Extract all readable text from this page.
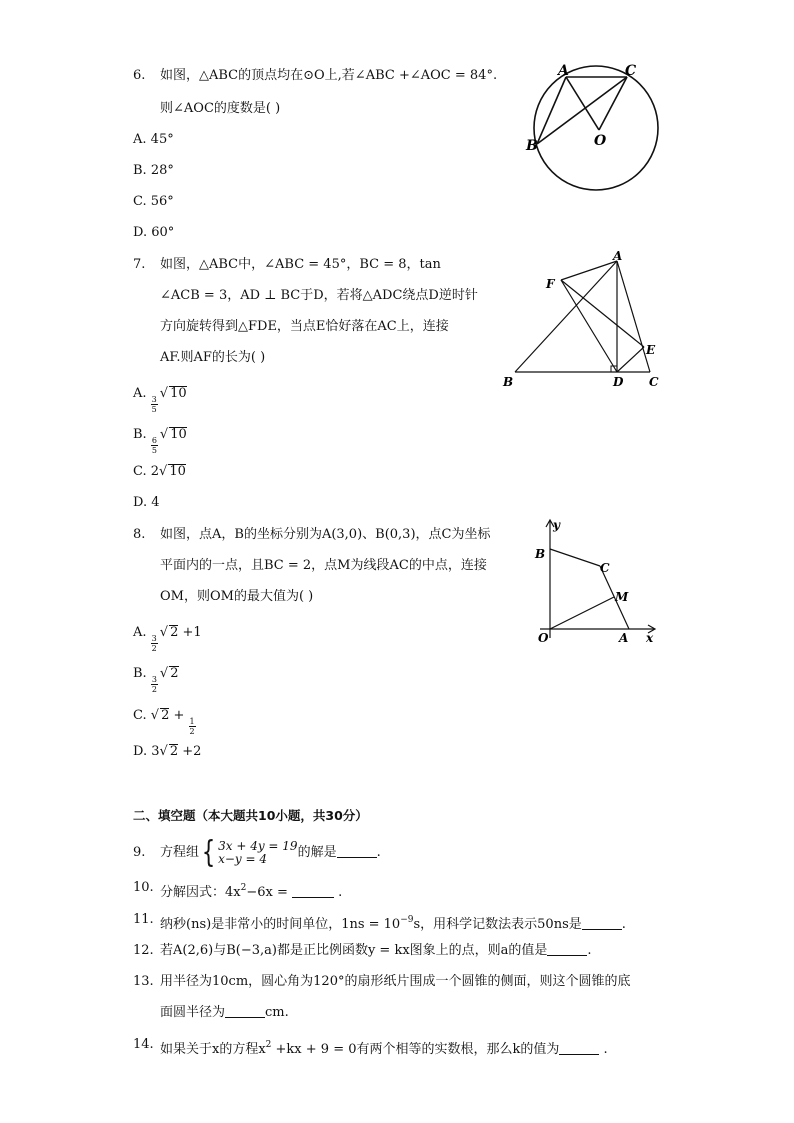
6. 如图，△ABC的顶点均在⊙O上,若∠ABC +∠AOC = 84°.
则∠AOC的度数是( )
A. 45°
B. 28°
C. 56°
D. 60°
A	C
B	O
7. 如图，△ABC中，∠ABC = 45°，BC = 8，tan
∠ACB = 3，AD ⊥ BC于D，若将△ADC绕点D逆时针
方向旋转得到△FDE，当点E恰好落在AC上，连接
AF.则AF的长为( )
A.
$\frac{3}{5}$
√ 10
B.
$\frac{6}{5}$
√ 10
C. 2√ 10
D. 4
A
F
E
B	D C
8. 如图，点A，B的坐标分别为A(3,0)、B(0,3)，点C为坐标
平面内的一点，且BC = 2，点M为线段AC的中点，连接
OM，则OM的最大值为( )
A.
$\frac{3}{2}$
√ 2 +1
B.
$\frac{3}{2}$
√ 2
C. √ 2 +
$\frac{1}{2}$
D. 3√ 2 +2
y
x
B
C
M
O	A
二、填空题（本大题共10小题，共30分）
9. 方程组 { 3x + 4y = 19
x−y = 4	的解是	.
10. 分解因式：$4x^2-6x$ =	.
11. 纳秒(ns)是非常小的时间单位，$1ns = 10^{-9}s$，用科学记数法表示50ns是	.
12. 若A(2,6)与B(−3,a)都是正比例函数y = kx图象上的点，则a的值是	.
13. 用半径为10cm，圆心角为120°的扇形纸片围成一个圆锥的侧面，则这个圆锥的底
面圆半径为	cm.
14. 如果关于x的方程$x^2 +kx + 9 = 0$有两个相等的实数根，那么k的值为	.
